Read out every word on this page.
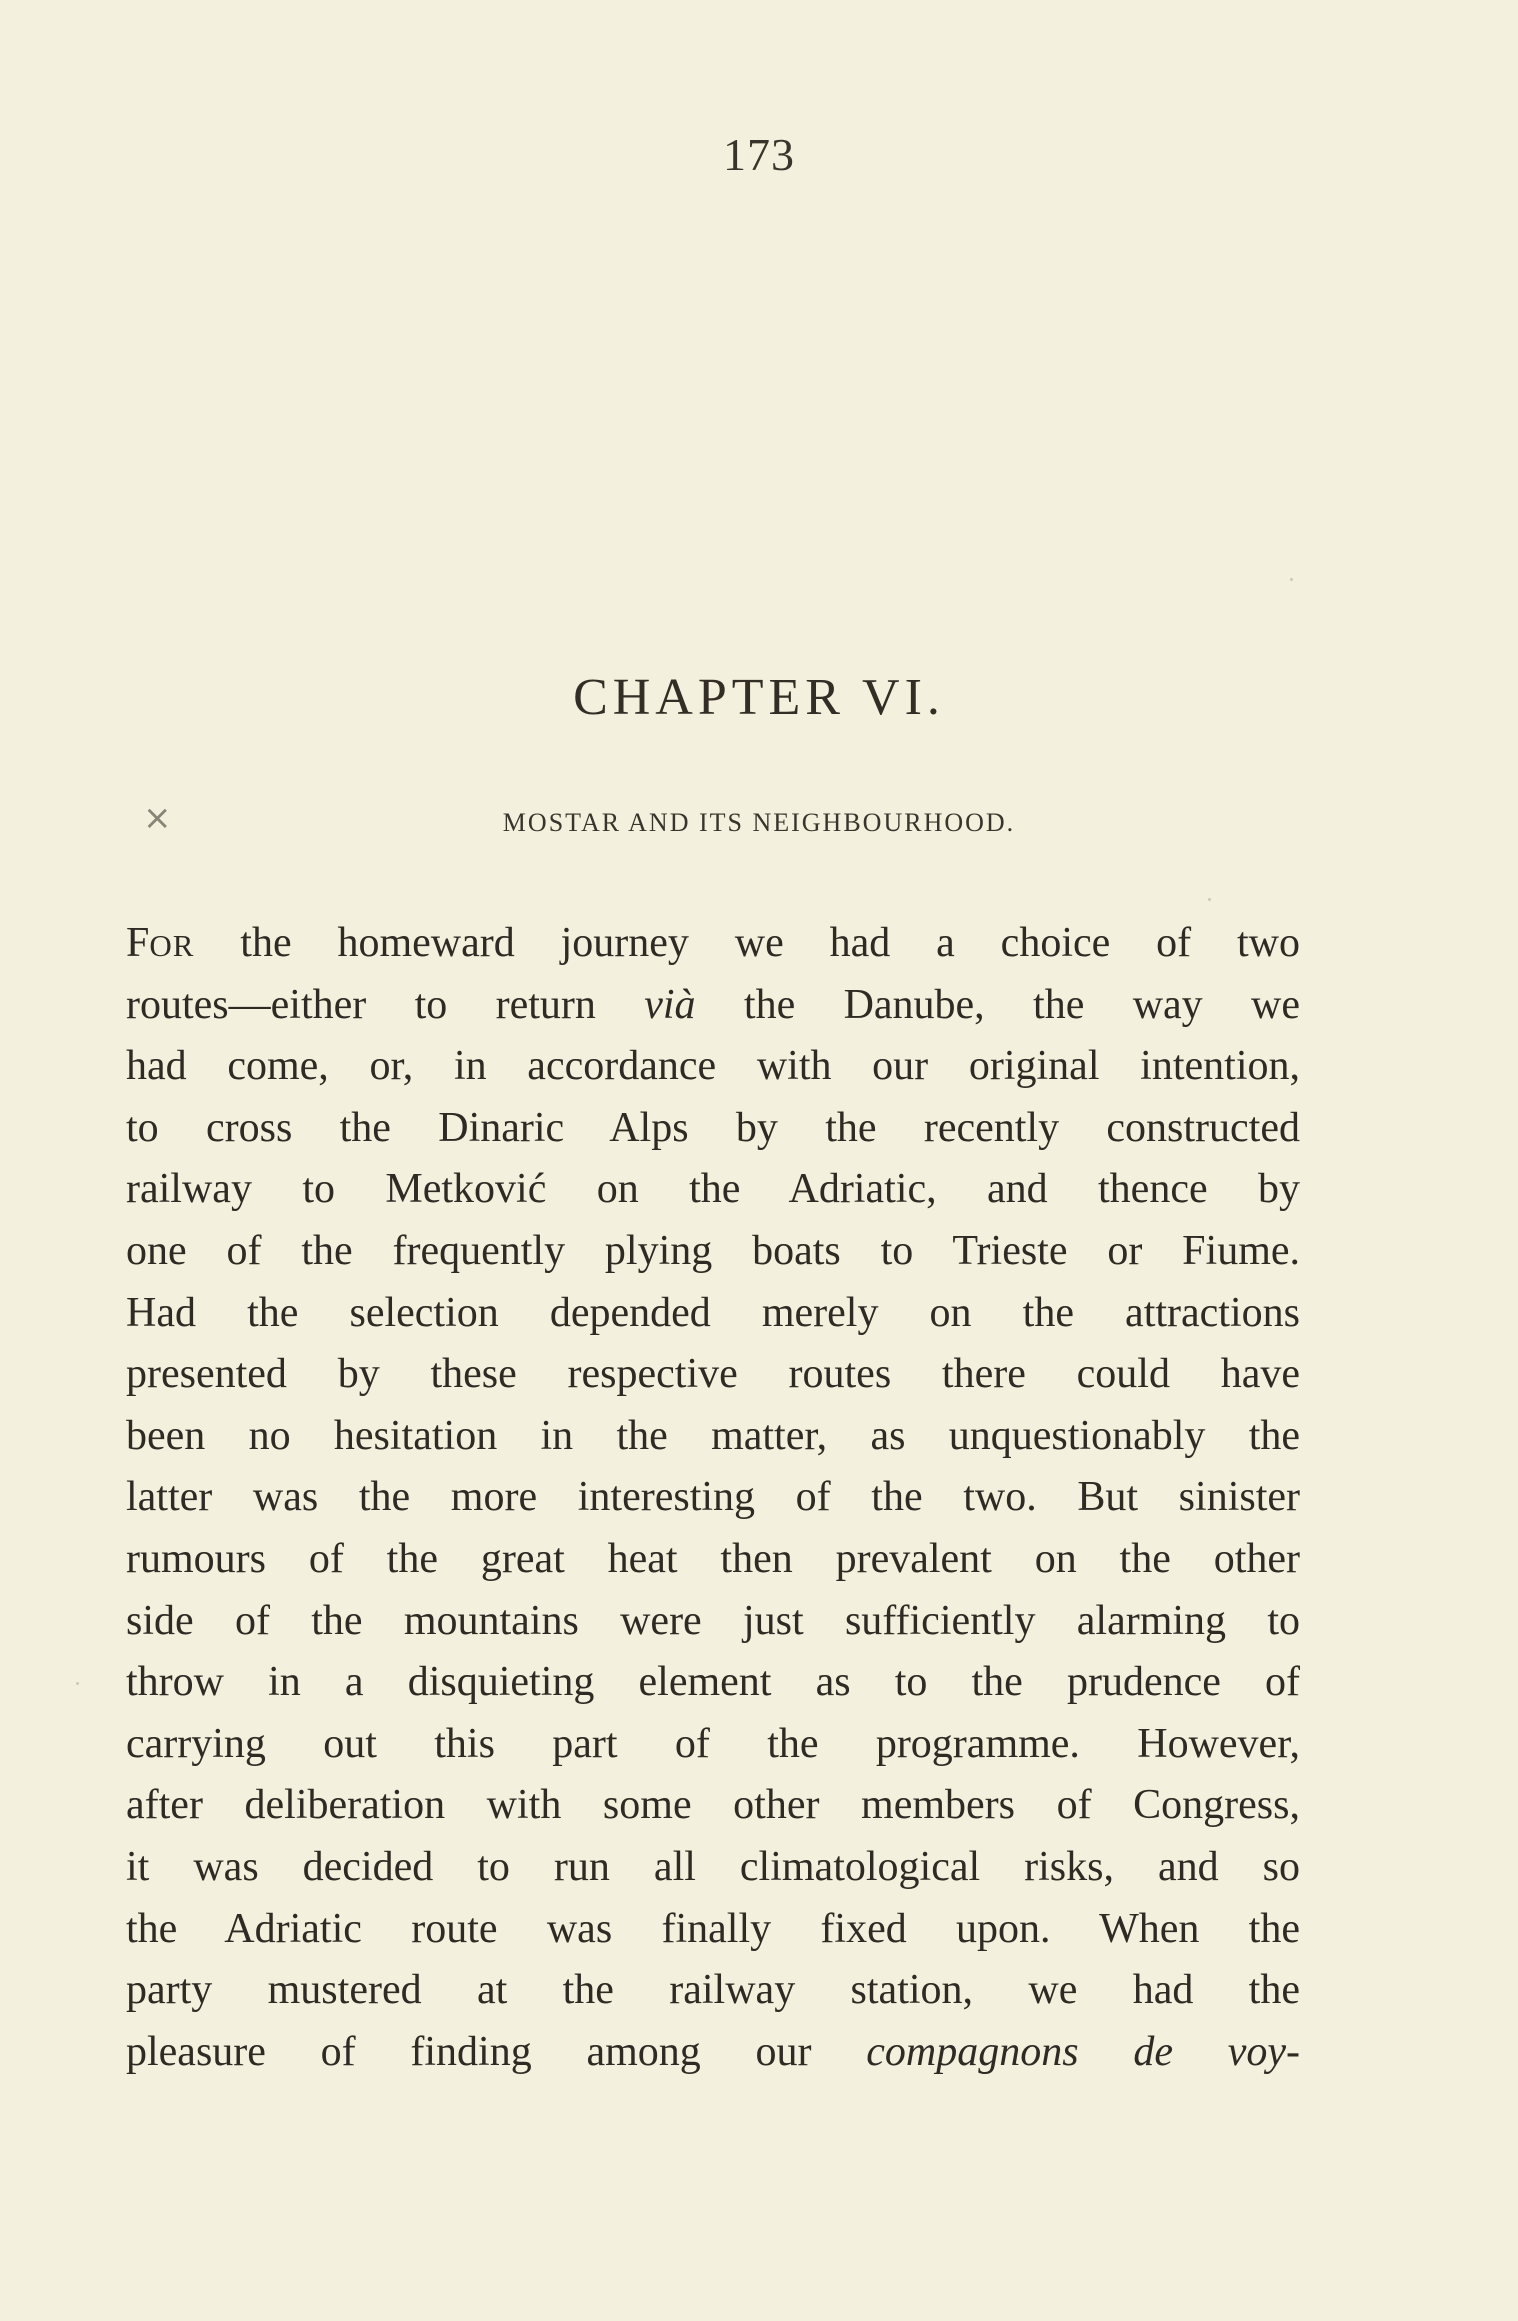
173
CHAPTER VI.
×	MOSTAR AND ITS NEIGHBOURHOOD.
FOR the homeward journey we had a choice of two
routes—either to return vià the Danube, the way we
had come, or, in accordance with our original intention,
to cross the Dinaric Alps by the recently constructed
railway to Metković on the Adriatic, and thence by
one of the frequently plying boats to Trieste or Fiume.
Had the selection depended merely on the attractions
presented by these respective routes there could have
been no hesitation in the matter, as unquestionably the
latter was the more interesting of the two. But sinister
rumours of the great heat then prevalent on the other
side of the mountains were just sufficiently alarming to
throw in a disquieting element as to the prudence of
carrying out this part of the programme. However,
after deliberation with some other members of Congress,
it was decided to run all climatological risks, and so
the Adriatic route was finally fixed upon. When the
party mustered at the railway station, we had the
pleasure of finding among our compagnons de voy-
